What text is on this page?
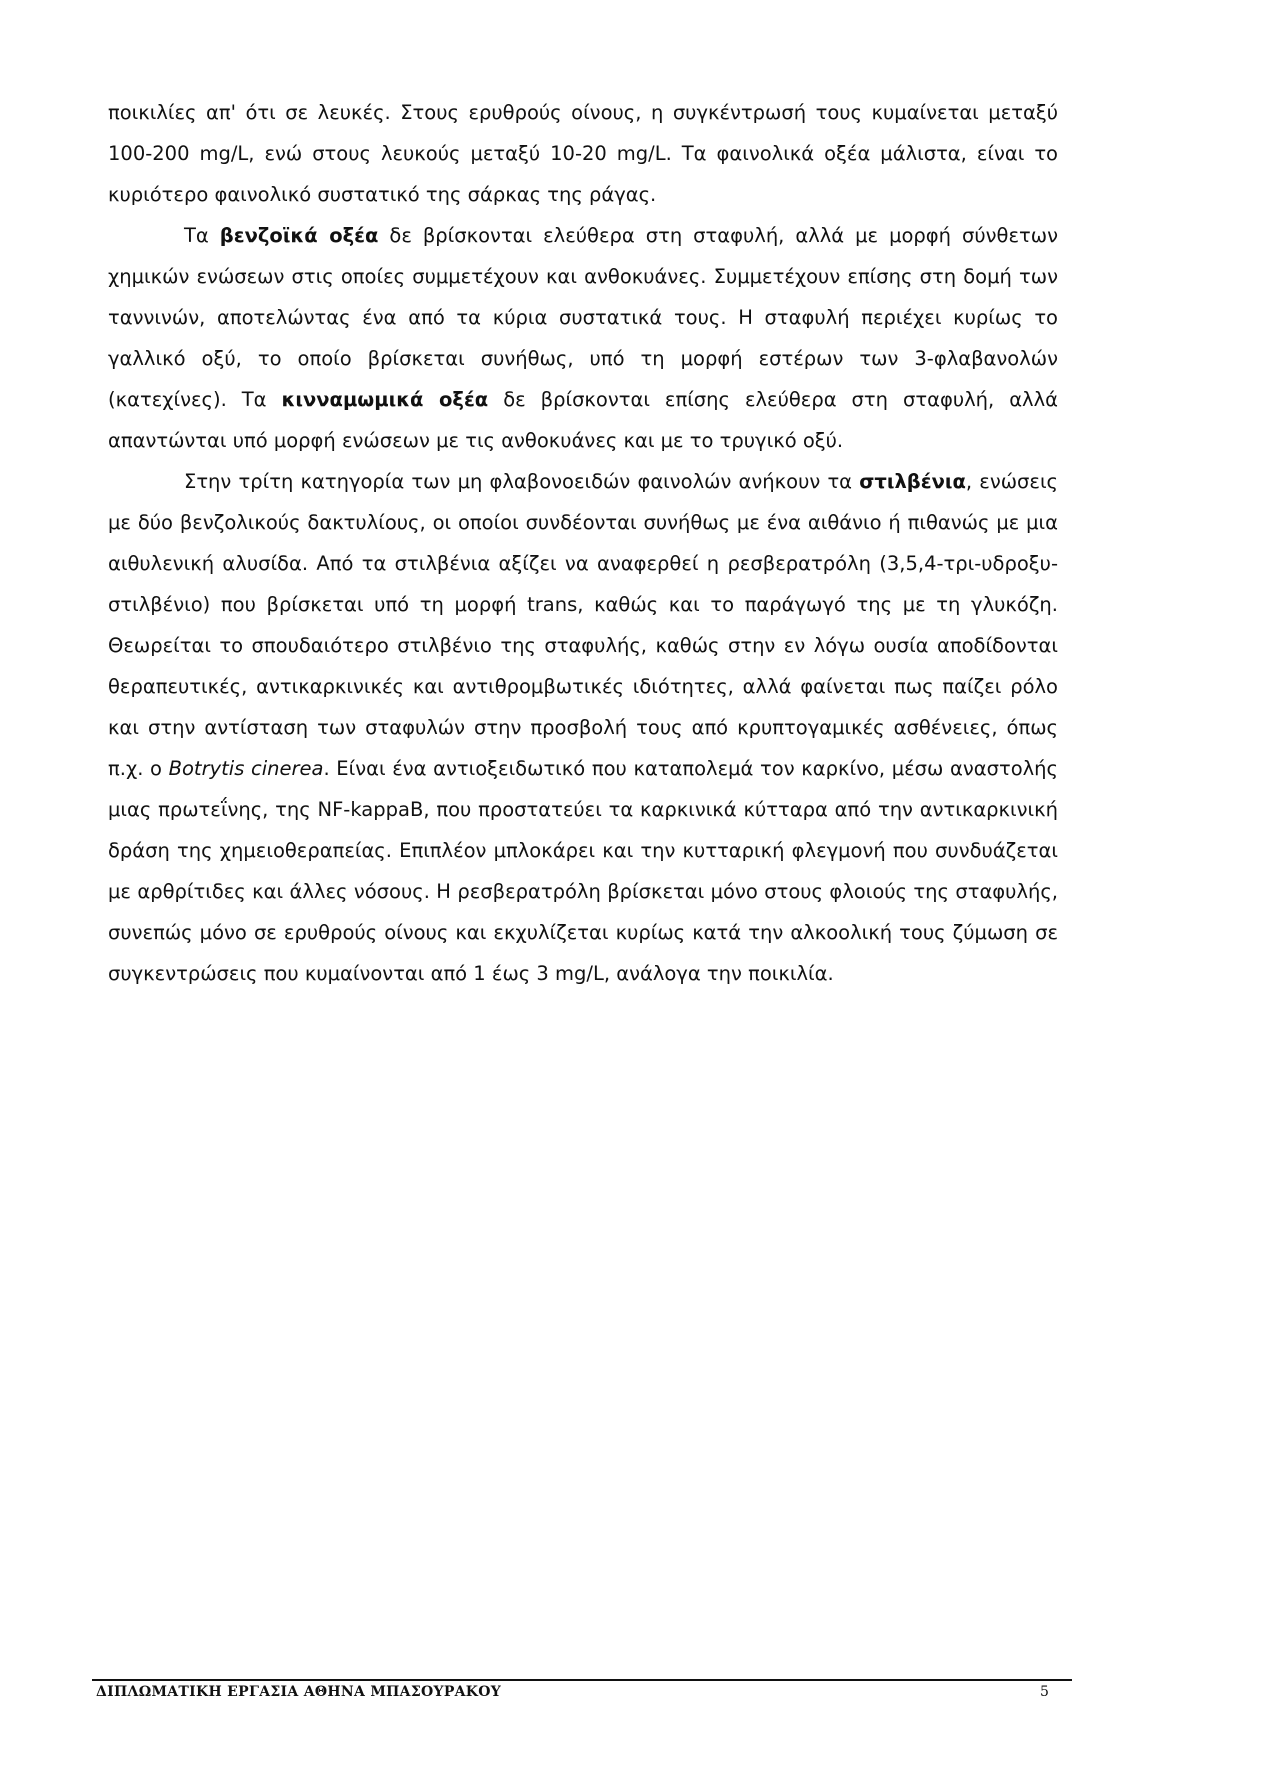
ποικιλίες απ' ότι σε λευκές. Στους ερυθρούς οίνους, η συγκέντρωσή τους κυμαίνεται μεταξύ 100-200 mg/L, ενώ στους λευκούς μεταξύ 10-20 mg/L. Τα φαινολικά οξέα μάλιστα, είναι το κυριότερο φαινολικό συστατικό της σάρκας της ράγας.

Τα βενζοϊκά οξέα δε βρίσκονται ελεύθερα στη σταφυλή, αλλά με μορφή σύνθετων χημικών ενώσεων στις οποίες συμμετέχουν και ανθοκυάνες. Συμμετέχουν επίσης στη δομή των ταννινών, αποτελώντας ένα από τα κύρια συστατικά τους. Η σταφυλή περιέχει κυρίως το γαλλικό οξύ, το οποίο βρίσκεται συνήθως, υπό τη μορφή εστέρων των 3-φλαβανολών (κατεχίνες). Τα κινναμωμικά οξέα δε βρίσκονται επίσης ελεύθερα στη σταφυλή, αλλά απαντώνται υπό μορφή ενώσεων με τις ανθοκυάνες και με το τρυγικό οξύ.

Στην τρίτη κατηγορία των μη φλαβονοειδών φαινολών ανήκουν τα στιλβένια, ενώσεις με δύο βενζολικούς δακτυλίους, οι οποίοι συνδέονται συνήθως με ένα αιθάνιο ή πιθανώς με μια αιθυλενική αλυσίδα. Από τα στιλβένια αξίζει να αναφερθεί η ρεσβερατρόλη (3,5,4-τρι-υδροξυ-στιλβένιο) που βρίσκεται υπό τη μορφή trans, καθώς και το παράγωγό της με τη γλυκόζη. Θεωρείται το σπουδαιότερο στιλβένιο της σταφυλής, καθώς στην εν λόγω ουσία αποδίδονται θεραπευτικές, αντικαρκινικές και αντιθρομβωτικές ιδιότητες, αλλά φαίνεται πως παίζει ρόλο και στην αντίσταση των σταφυλών στην προσβολή τους από κρυπτογαμικές ασθένειες, όπως π.χ. ο Botrytis cinerea. Είναι ένα αντιοξειδωτικό που καταπολεμά τον καρκίνο, μέσω αναστολής μιας πρωτεΐνης, της NF-kappaB, που προστατεύει τα καρκινικά κύτταρα από την αντικαρκινική δράση της χημειοθεραπείας. Επιπλέον μπλοκάρει και την κυτταρική φλεγμονή που συνδυάζεται με αρθρίτιδες και άλλες νόσους. Η ρεσβερατρόλη βρίσκεται μόνο στους φλοιούς της σταφυλής, συνεπώς μόνο σε ερυθρούς οίνους και εκχυλίζεται κυρίως κατά την αλκοολική τους ζύμωση σε συγκεντρώσεις που κυμαίνονται από 1 έως 3 mg/L, ανάλογα την ποικιλία.

ΔΙΠΛΩΜΑΤΙΚΗ ΕΡΓΑΣΙΑ ΑΘΗΝΑ ΜΠΑΣΟΥΡΑΚΟΥ	5
